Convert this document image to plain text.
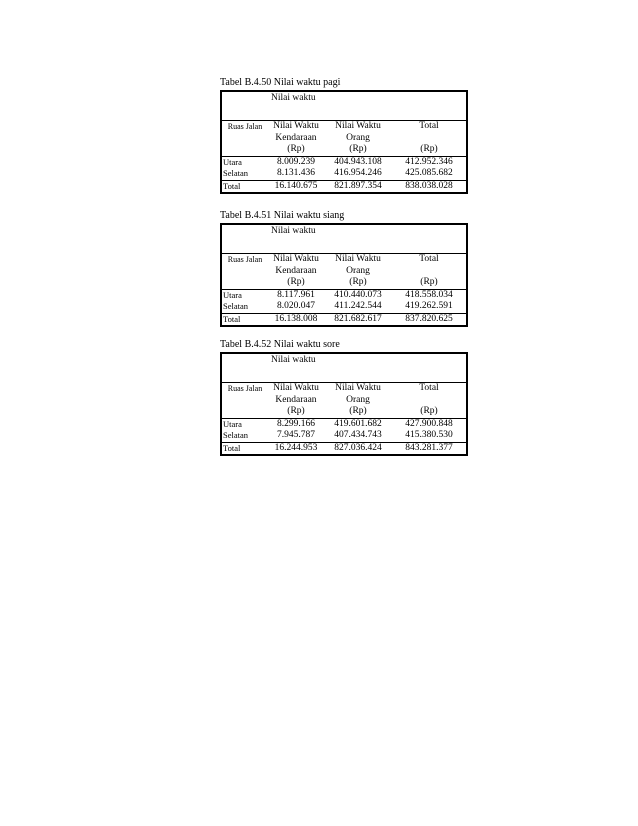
Tabel B.4.50 Nilai waktu pagi
Nilai waktu
Ruas Jalan	Nilai Waktu	Nilai Waktu	Total
	Kendaraan	Orang	
	(Rp)	(Rp)	(Rp)
Utara	8.009.239	404.943.108	412.952.346
Selatan	8.131.436	416.954.246	425.085.682
Total	16.140.675	821.897.354	838.038.028
Tabel B.4.51 Nilai waktu siang
Nilai waktu
Ruas Jalan	Nilai Waktu	Nilai Waktu	Total
	Kendaraan	Orang	
	(Rp)	(Rp)	(Rp)
Utara	8.117.961	410.440.073	418.558.034
Selatan	8.020.047	411.242.544	419.262.591
Total	16.138.008	821.682.617	837.820.625
Tabel B.4.52 Nilai waktu sore
Nilai waktu
Ruas Jalan	Nilai Waktu	Nilai Waktu	Total
	Kendaraan	Orang	
	(Rp)	(Rp)	(Rp)
Utara	8.299.166	419.601.682	427.900.848
Selatan	7.945.787	407.434.743	415.380.530
Total	16.244.953	827.036.424	843.281.377
